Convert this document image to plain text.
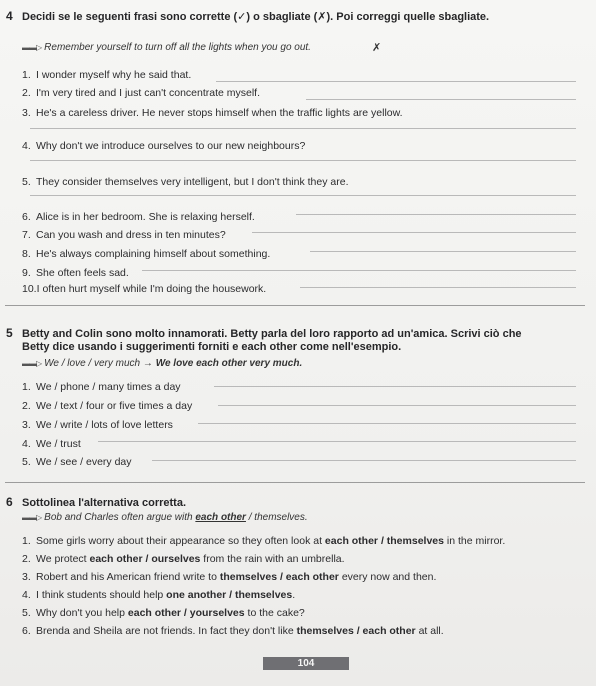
4 Decidi se le seguenti frasi sono corrette (✓) o sbagliate (✗). Poi correggi quelle sbagliate.
▬▬▷ Remember yourself to turn off all the lights when you go out.	✗
1. I wonder myself why he said that.
2. I'm very tired and I just can't concentrate myself.
3. He's a careless driver. He never stops himself when the traffic lights are yellow.
4. Why don't we introduce ourselves to our new neighbours?
5. They consider themselves very intelligent, but I don't think they are.
6. Alice is in her bedroom. She is relaxing herself.
7. Can you wash and dress in ten minutes?
8. He's always complaining himself about something.
9. She often feels sad.
10.I often hurt myself while I'm doing the housework.
5 Betty and Colin sono molto innamorati. Betty parla del loro rapporto ad un'amica. Scrivi ciò che
Betty dice usando i suggerimenti forniti e each other come nell'esempio.
▬▬▷ We / love / very much → We love each other very much.
1. We / phone / many times a day
2. We / text / four or five times a day
3. We / write / lots of love letters
4. We / trust
5. We / see / every day
6 Sottolinea l'alternativa corretta.
▬▬▷ Bob and Charles often argue with each other / themselves.
1. Some girls worry about their appearance so they often look at each other / themselves in the mirror.
2. We protect each other / ourselves from the rain with an umbrella.
3. Robert and his American friend write to themselves / each other every now and then.
4. I think students should help one another / themselves.
5. Why don't you help each other / yourselves to the cake?
6. Brenda and Sheila are not friends. In fact they don't like themselves / each other at all.
104
